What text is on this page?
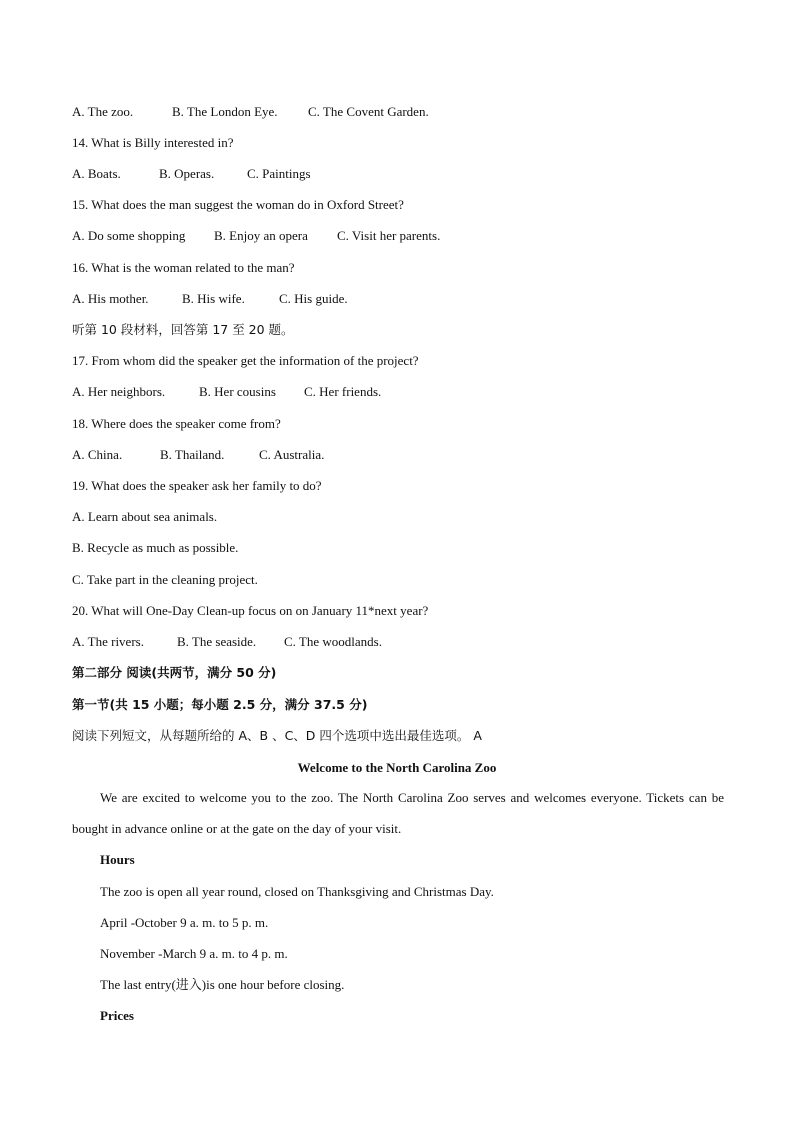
A. The zoo.	B. The London Eye. C. The Covent Garden.
14. What is Billy interested in?
A. Boats.	B. Operas.	C. Paintings
15. What does the man suggest the woman do in Oxford Street?
A. Do some shopping B. Enjoy an opera C. Visit her parents.
16. What is the woman related to the man?
A. His mother.	B. His wife.	C. His guide.
听第 10 段材料，回答第 17 至 20 题。
17. From whom did the speaker get the information of the project?
A. Her neighbors.	B. Her cousins C. Her friends.
18. Where does the speaker come from?
A. China.	B. Thailand.	C. Australia.
19. What does the speaker ask her family to do?
A. Learn about sea animals.
B. Recycle as much as possible.
C. Take part in the cleaning project.
20. What will One-Day Clean-up focus on on January 11*next year?
A. The rivers.	B. The seaside. C. The woodlands.
第二部分 阅读(共两节，满分 50 分)
第一节(共 15 小题；每小题 2.5 分，满分 37.5 分)
阅读下列短文，从每题所给的 A、B 、C、D 四个选项中选出最佳选项。 A
Welcome to the North Carolina Zoo
We are excited to welcome you to the zoo. The North Carolina Zoo serves and welcomes everyone. Tickets can be bought in advance online or at the gate on the day of your visit.
Hours
The zoo is open all year round, closed on Thanksgiving and Christmas Day.
April -October 9 a. m. to 5 p. m.
November -March 9 a. m. to 4 p. m.
The last entry(进入)is one hour before closing.
Prices
